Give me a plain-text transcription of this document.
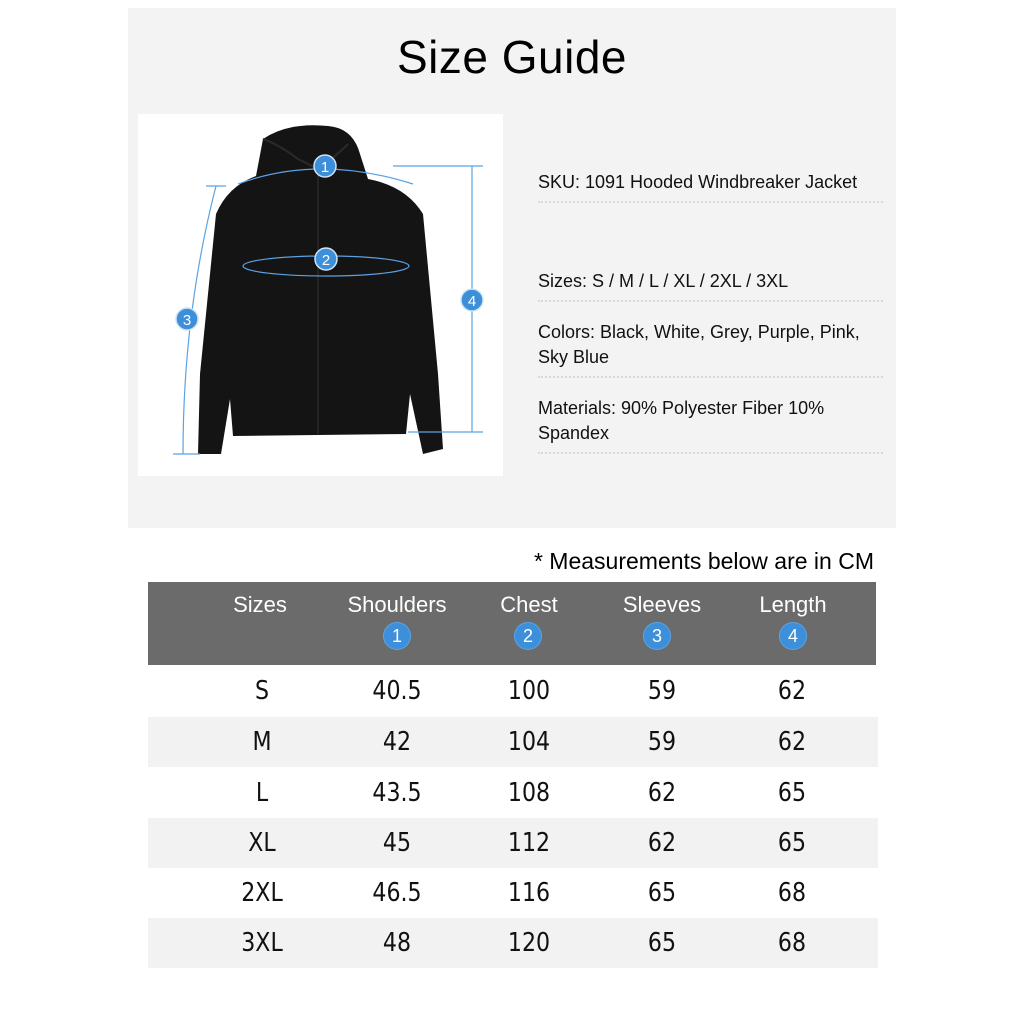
Size Guide
1
2
3
4
SKU: 1091 Hooded Windbreaker Jacket
Sizes: S / M / L / XL / 2XL / 3XL
Colors: Black, White, Grey, Purple, Pink, Sky Blue
Materials: 90% Polyester Fiber 10% Spandex
* Measurements below are in CM
Sizes	Shoulders	Chest	Sleeves	Length
1	2	3	4
S	40.5	100	59	62
M	42	104	59	62
L	43.5	108	62	65
XL	45	112	62	65
2XL	46.5	116	65	68
3XL	48	120	65	68
